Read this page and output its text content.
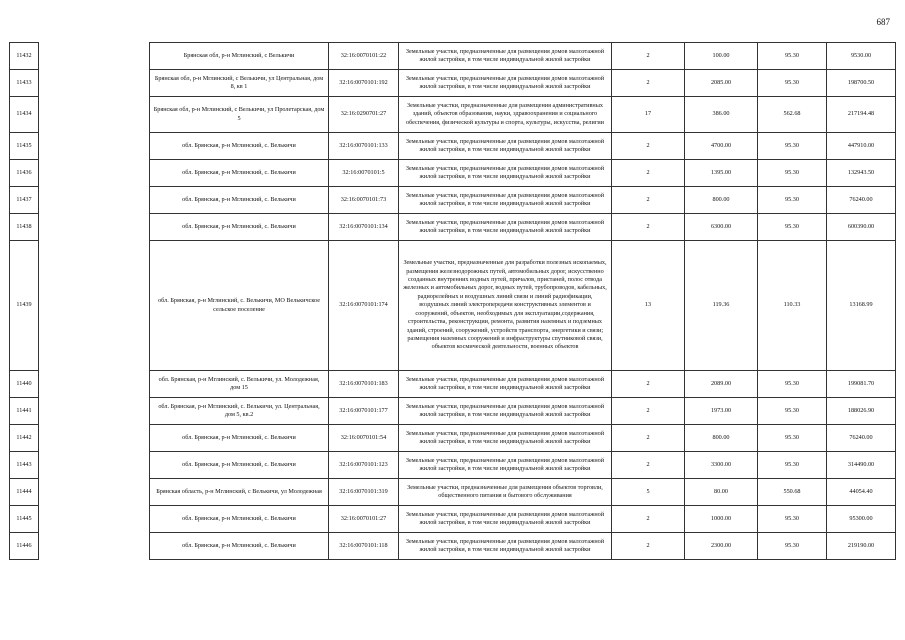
687
11432		Брянская обл, р-н Мглинский, с Велькичи	32:16:0070101:22	Земельные участки, предназначенные для размещения домов малоэтажной жилой застройки, в том числе индивидуальной жилой застройки	2	100.00	95.30	9530.00
11433		Брянская обл, р-н Мглинский, с Велькичи, ул Центральная, дом 8, кв 1	32:16:0070101:192	Земельные участки, предназначенные для размещения домов малоэтажной жилой застройки, в том числе индивидуальной жилой застройки	2	2085.00	95.30	198700.50
11434		Брянская обл, р-н Мглинский, с Велькичи, ул Пролетарская, дом 5	32:16:0290701:27	Земельные участки, предназначенные для размещения административных зданий, объектов образования, науки, здравоохранения и социального обеспечения, физической культуры и спорта, культуры, искусства, религии	17	386.00	562.68	217194.48
11435		обл. Брянская, р-н Мглинский, с. Велькичи	32:16:0070101:133	Земельные участки, предназначенные для размещения домов малоэтажной жилой застройки, в том числе индивидуальной жилой застройки	2	4700.00	95.30	447910.00
11436		обл. Брянская, р-н Мглинский, с. Велькичи	32:16:0070101:5	Земельные участки, предназначенные для размещения домов малоэтажной жилой застройки, в том числе индивидуальной жилой застройки	2	1395.00	95.30	132943.50
11437		обл. Брянская, р-н Мглинский, с. Велькичи	32:16:0070101:73	Земельные участки, предназначенные для размещения домов малоэтажной жилой застройки, в том числе индивидуальной жилой застройки	2	800.00	95.30	76240.00
11438		обл. Брянская, р-н Мглинский, с. Велькичи	32:16:0070101:134	Земельные участки, предназначенные для размещения домов малоэтажной жилой застройки, в том числе индивидуальной жилой застройки	2	6300.00	95.30	600390.00
11439		обл. Брянская, р-н Мглинский, с. Велькичи, МО Велькичское сельское поселение	32:16:0070101:174	Земельные участки, предназначенные для разработки полезных ископаемых, размещения железнодорожных путей, автомобильных дорог, искусственно созданных внутренних водных путей, причалов, пристаней, полос отвода железных и автомобильных дорог, водных путей, трубопроводов, кабельных, радиорелейных и воздушных линий связи и линий радиофикации, воздушных линий электропередачи конструктивных элементов и сооружений, объектов, необходимых для эксплуатации,содержания, строительства, реконструкции, ремонта, развития наземных и подземных зданий, строений, сооружений, устройств транспорта, энергетики и связи; размещения наземных сооружений и инфраструктуры спутниковой связи, объектов космической деятельности, военных объектов	13	119.36	110.33	13168.99
11440		обл. Брянская, р-н Мглинский, с. Велькичи, ул. Молодежная, дом 15	32:16:0070101:183	Земельные участки, предназначенные для размещения домов малоэтажной жилой застройки, в том числе индивидуальной жилой застройки	2	2089.00	95.30	199081.70
11441		обл. Брянская, р-н Мглинский, с. Велькичи, ул. Центральная, дом 5, кв.2	32:16:0070101:177	Земельные участки, предназначенные для размещения домов малоэтажной жилой застройки, в том числе индивидуальной жилой застройки	2	1973.00	95.30	188026.90
11442		обл. Брянская, р-н Мглинский, с. Велькичи	32:16:0070101:54	Земельные участки, предназначенные для размещения домов малоэтажной жилой застройки, в том числе индивидуальной жилой застройки	2	800.00	95.30	76240.00
11443		обл. Брянская, р-н Мглинский, с. Велькичи	32:16:0070101:123	Земельные участки, предназначенные для размещения домов малоэтажной жилой застройки, в том числе индивидуальной жилой застройки	2	3300.00	95.30	314490.00
11444		Брянская область, р-н Мглинский, с Велькичи, ул Молодежная	32:16:0070101:319	Земельные участки, предназначенные для размещения объектов торговли, общественного питания и бытового обслуживания	5	80.00	550.68	44054.40
11445		обл. Брянская, р-н Мглинский, с. Велькичи	32:16:0070101:27	Земельные участки, предназначенные для размещения домов малоэтажной жилой застройки, в том числе индивидуальной жилой застройки	2	1000.00	95.30	95300.00
11446		обл. Брянская, р-н Мглинский, с. Велькичи	32:16:0070101:118	Земельные участки, предназначенные для размещения домов малоэтажной жилой застройки, в том числе индивидуальной жилой застройки	2	2300.00	95.30	219190.00
